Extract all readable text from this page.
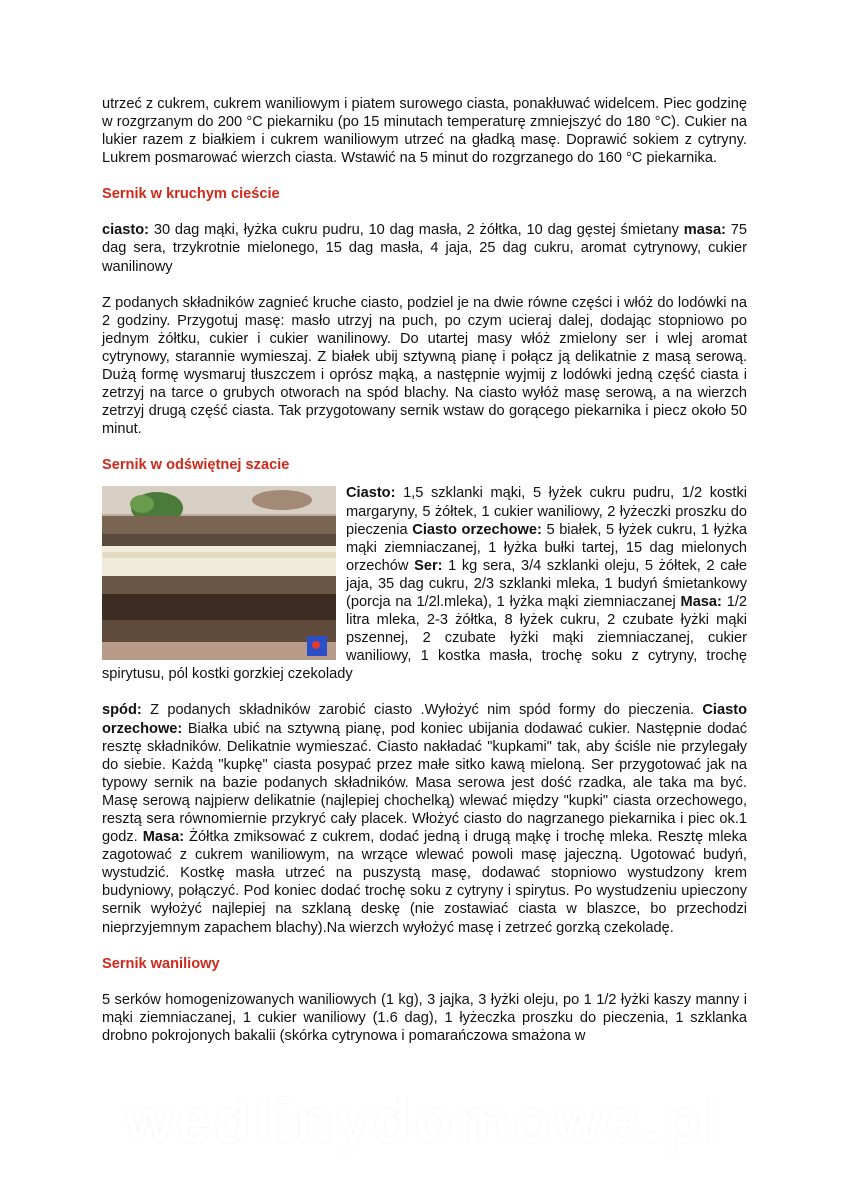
utrzeć z cukrem, cukrem waniliowym i piatem surowego ciasta, ponakłuwać widelcem. Piec godzinę w rozgrzanym do 200 °C piekarniku (po 15 minutach temperaturę zmniejszyć do 180 °C). Cukier na lukier razem z białkiem i cukrem waniliowym utrzeć na gładką masę. Doprawić sokiem z cytryny. Lukrem posmarować wierzch ciasta. Wstawić na 5 minut do rozgrzanego do 160 °C piekarnika.

Sernik w kruchym cieście

ciasto: 30 dag mąki, łyżka cukru pudru, 10 dag masła, 2 żółtka, 10 dag gęstej śmietany masa: 75 dag sera, trzykrotnie mielonego, 15 dag masła, 4 jaja, 25 dag cukru, aromat cytrynowy, cukier wanilinowy

Z podanych składników zagnieć kruche ciasto, podziel je na dwie równe części i włóż do lodówki na 2 godziny. Przygotuj masę: masło utrzyj na puch, po czym ucieraj dalej, dodając stopniowo po jednym żółtku, cukier i cukier wanilinowy. Do utartej masy włóż zmielony ser i wlej aromat cytrynowy, starannie wymieszaj. Z białek ubij sztywną pianę i połącz ją delikatnie z masą serową. Dużą formę wysmaruj tłuszczem i oprósz mąką, a następnie wyjmij z lodówki jedną część ciasta i zetrzyj na tarce o grubych otworach na spód blachy. Na ciasto wyłóż masę serową, a na wierzch zetrzyj drugą część ciasta. Tak przygotowany sernik wstaw do gorącego piekarnika i piecz około 50 minut.

Sernik w odświętnej szacie

Ciasto: 1,5 szklanki mąki, 5 łyżek cukru pudru, 1/2 kostki margaryny, 5 żółtek, 1 cukier waniliowy, 2 łyżeczki proszku do pieczenia Ciasto orzechowe: 5 białek, 5 łyżek cukru, 1 łyżka mąki ziemniaczanej, 1 łyżka bułki tartej, 15 dag mielonych orzechów Ser: 1 kg sera, 3/4 szklanki oleju, 5 żółtek, 2 całe jaja, 35 dag cukru, 2/3 szklanki mleka, 1 budyń śmietankowy (porcja na 1/2l.mleka), 1 łyżka mąki ziemniaczanej Masa: 1/2 litra mleka, 2-3 żółtka, 8 łyżek cukru, 2 czubate łyżki mąki pszennej, 2 czubate łyżki mąki ziemniaczanej, cukier waniliowy, 1 kostka masła, trochę soku z cytryny, trochę spirytusu, pól kostki gorzkiej czekolady

spód: Z podanych składników zarobić ciasto .Wyłożyć nim spód formy do pieczenia. Ciasto orzechowe: Białka ubić na sztywną pianę, pod koniec ubijania dodawać cukier. Następnie dodać resztę składników. Delikatnie wymieszać. Ciasto nakładać "kupkami" tak, aby ściśle nie przylegały do siebie. Każdą "kupkę" ciasta posypać przez małe sitko kawą mieloną. Ser przygotować jak na typowy sernik na bazie podanych składników. Masa serowa jest dość rzadka, ale taka ma być. Masę serową najpierw delikatnie (najlepiej chochelką) wlewać między "kupki" ciasta orzechowego, resztą sera równomiernie przykryć cały placek. Włożyć ciasto do nagrzanego piekarnika i piec ok.1 godz. Masa: Żółtka zmiksować z cukrem, dodać jedną i drugą mąkę i trochę mleka. Resztę mleka zagotować z cukrem waniliowym, na wrzące wlewać powoli masę jajeczną. Ugotować budyń, wystudzić. Kostkę masła utrzeć na puszystą masę, dodawać stopniowo wystudzony krem budyniowy, połączyć. Pod koniec dodać trochę soku z cytryny i spirytus. Po wystudzeniu upieczony sernik wyłożyć najlepiej na szklaną deskę (nie zostawiać ciasta w blaszce, bo przechodzi nieprzyjemnym zapachem blachy).Na wierzch wyłożyć masę i zetrzeć gorzką czekoladę.

Sernik waniliowy

5 serków homogenizowanych waniliowych (1 kg), 3 jajka, 3 łyżki oleju, po 1 1/2 łyżki kaszy manny i mąki ziemniaczanej, 1 cukier waniliowy (1.6 dag), 1 łyżeczka proszku do pieczenia, 1 szklanka drobno pokrojonych bakalii (skórka cytrynowa i pomarańczowa smażona w

wedlinydomowe.pl
